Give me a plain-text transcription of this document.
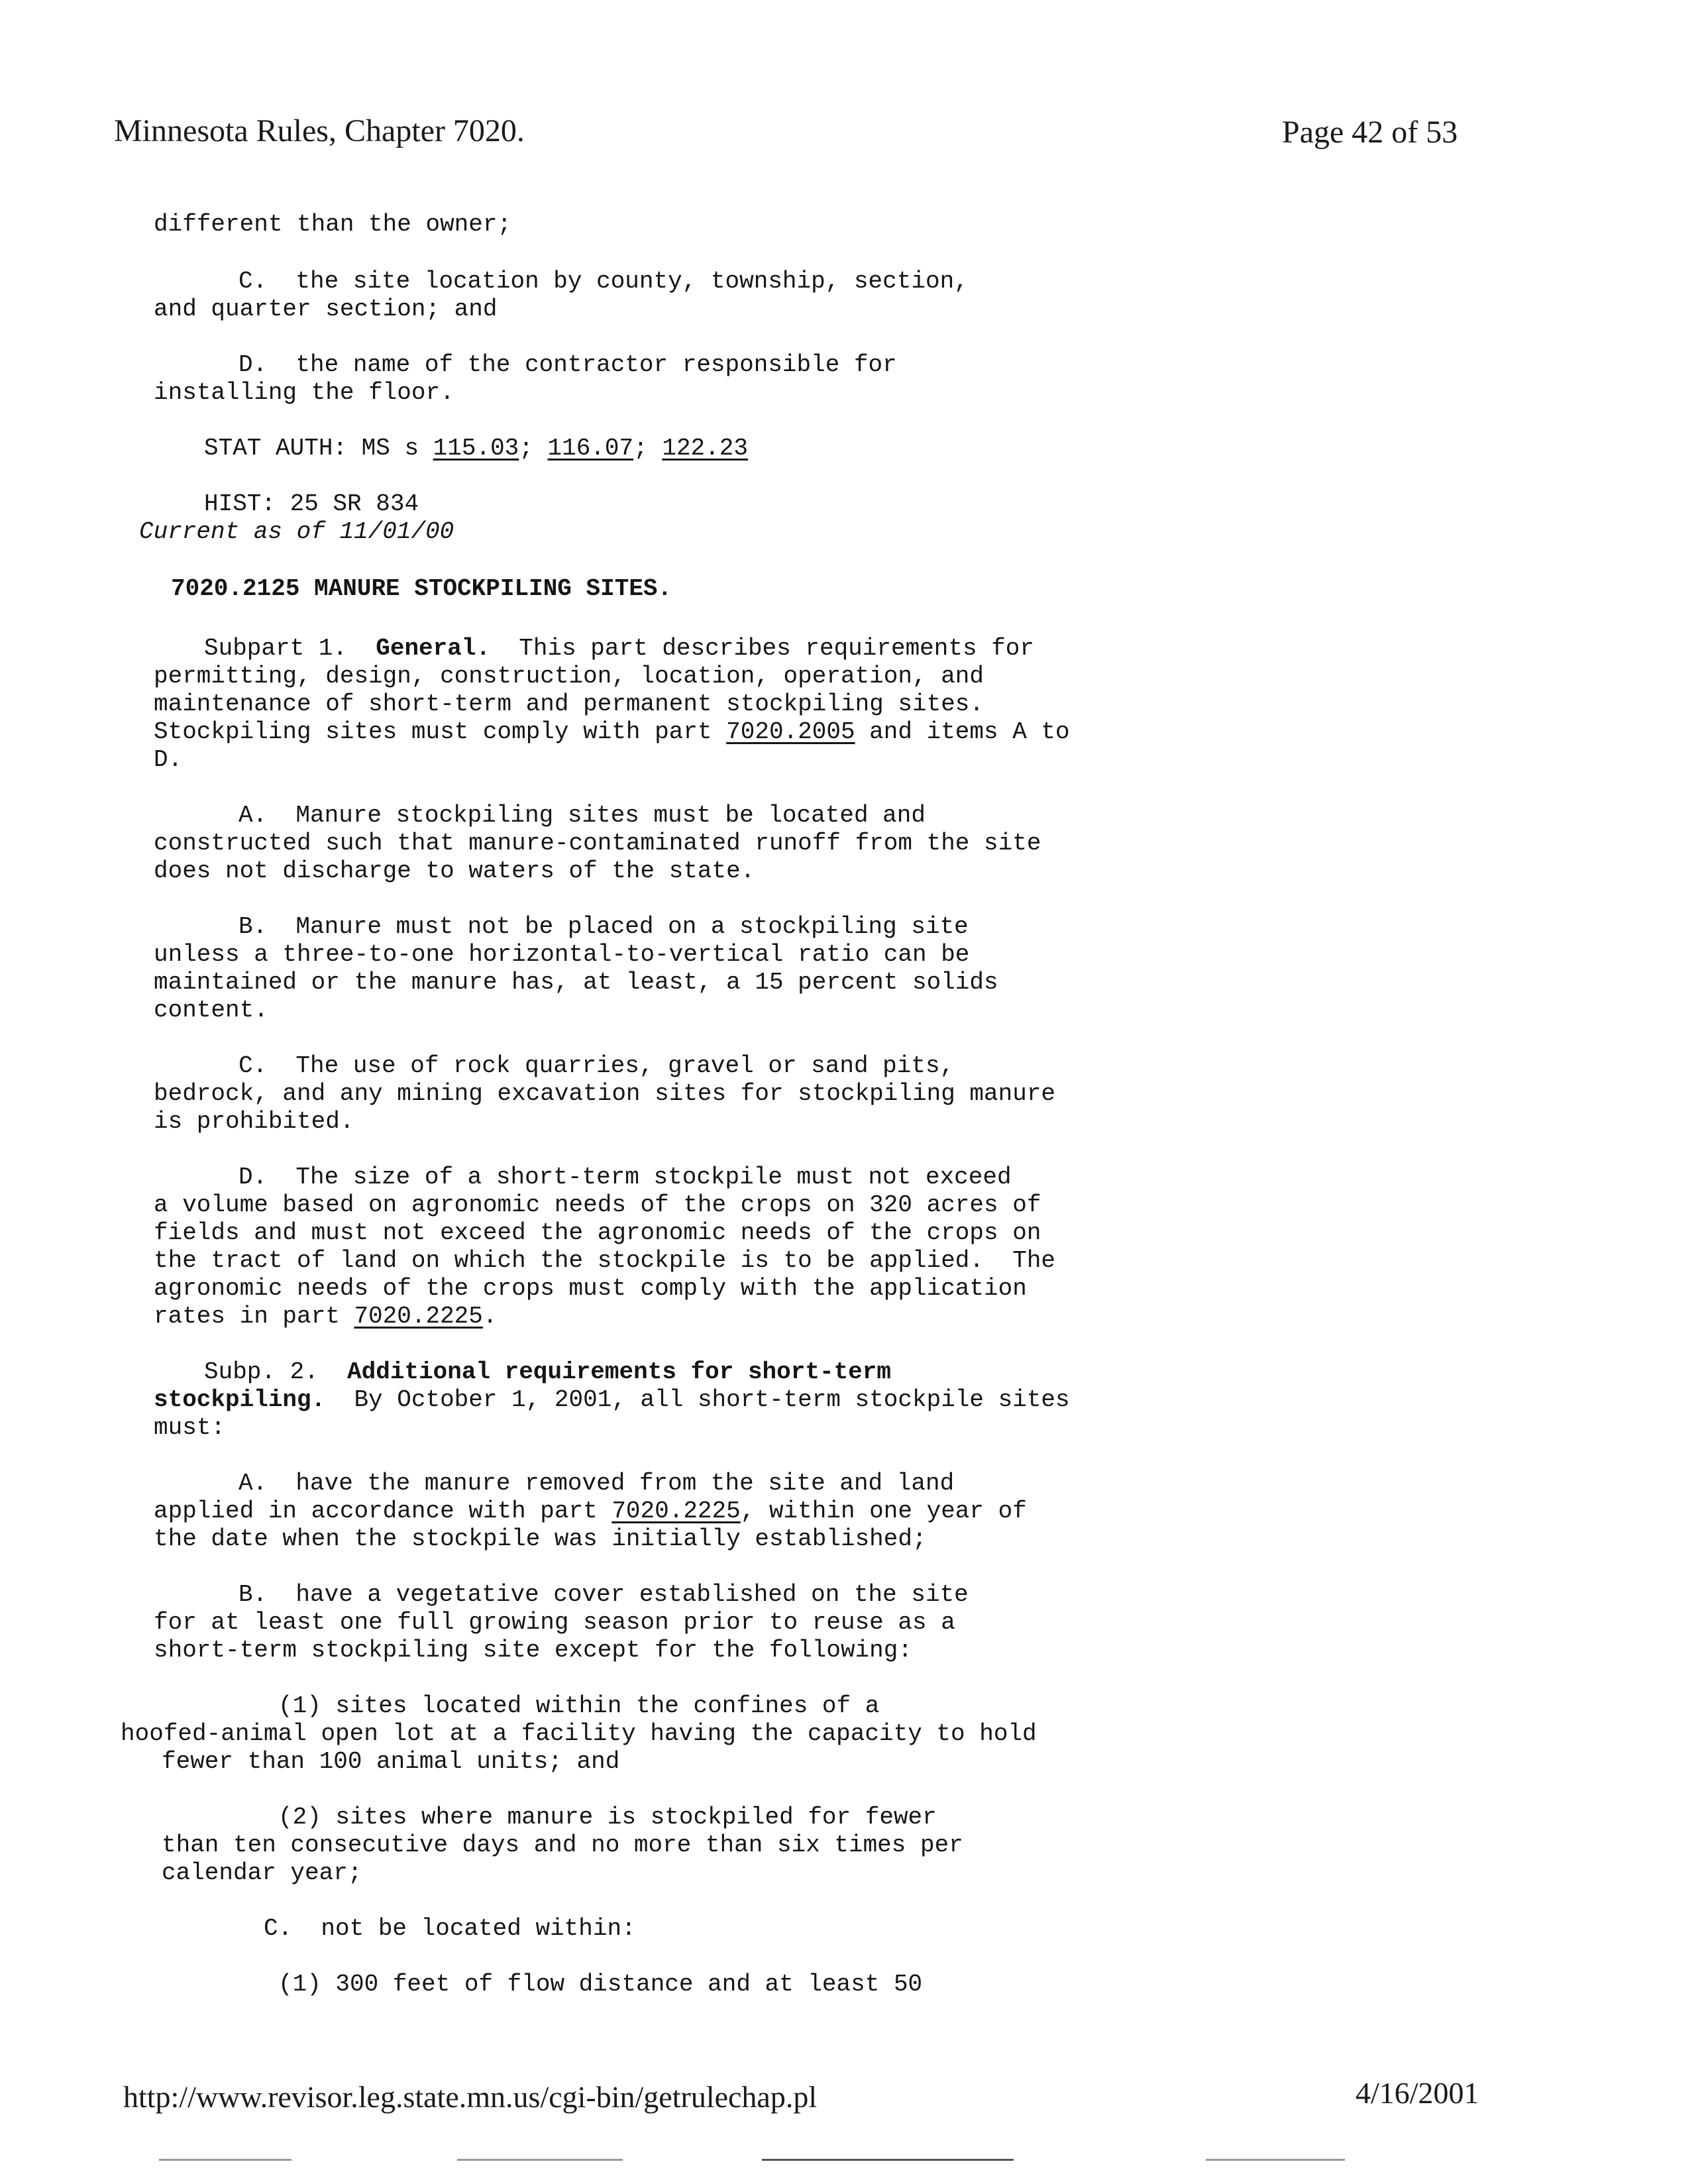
Minnesota Rules, Chapter 7020.	Page 42 of 53
different than the owner;
C.  the site location by county, township, section,
and quarter section; and
D.  the name of the contractor responsible for
installing the floor.
STAT AUTH: MS s 115.03; 116.07; 122.23
HIST: 25 SR 834
Current as of 11/01/00
7020.2125 MANURE STOCKPILING SITES.
Subpart 1.  General.  This part describes requirements for
permitting, design, construction, location, operation, and
maintenance of short-term and permanent stockpiling sites.
Stockpiling sites must comply with part 7020.2005 and items A to
D.
A.  Manure stockpiling sites must be located and
constructed such that manure-contaminated runoff from the site
does not discharge to waters of the state.
B.  Manure must not be placed on a stockpiling site
unless a three-to-one horizontal-to-vertical ratio can be
maintained or the manure has, at least, a 15 percent solids
content.
C.  The use of rock quarries, gravel or sand pits,
bedrock, and any mining excavation sites for stockpiling manure
is prohibited.
D.  The size of a short-term stockpile must not exceed
a volume based on agronomic needs of the crops on 320 acres of
fields and must not exceed the agronomic needs of the crops on
the tract of land on which the stockpile is to be applied.  The
agronomic needs of the crops must comply with the application
rates in part 7020.2225.
Subp. 2.  Additional requirements for short-term
stockpiling.  By October 1, 2001, all short-term stockpile sites
must:
A.  have the manure removed from the site and land
applied in accordance with part 7020.2225, within one year of
the date when the stockpile was initially established;
B.  have a vegetative cover established on the site
for at least one full growing season prior to reuse as a
short-term stockpiling site except for the following:
(1) sites located within the confines of a
hoofed-animal open lot at a facility having the capacity to hold
fewer than 100 animal units; and
(2) sites where manure is stockpiled for fewer
than ten consecutive days and no more than six times per
calendar year;
C.  not be located within:
(1) 300 feet of flow distance and at least 50
http://www.revisor.leg.state.mn.us/cgi-bin/getrulechap.pl	4/16/2001
